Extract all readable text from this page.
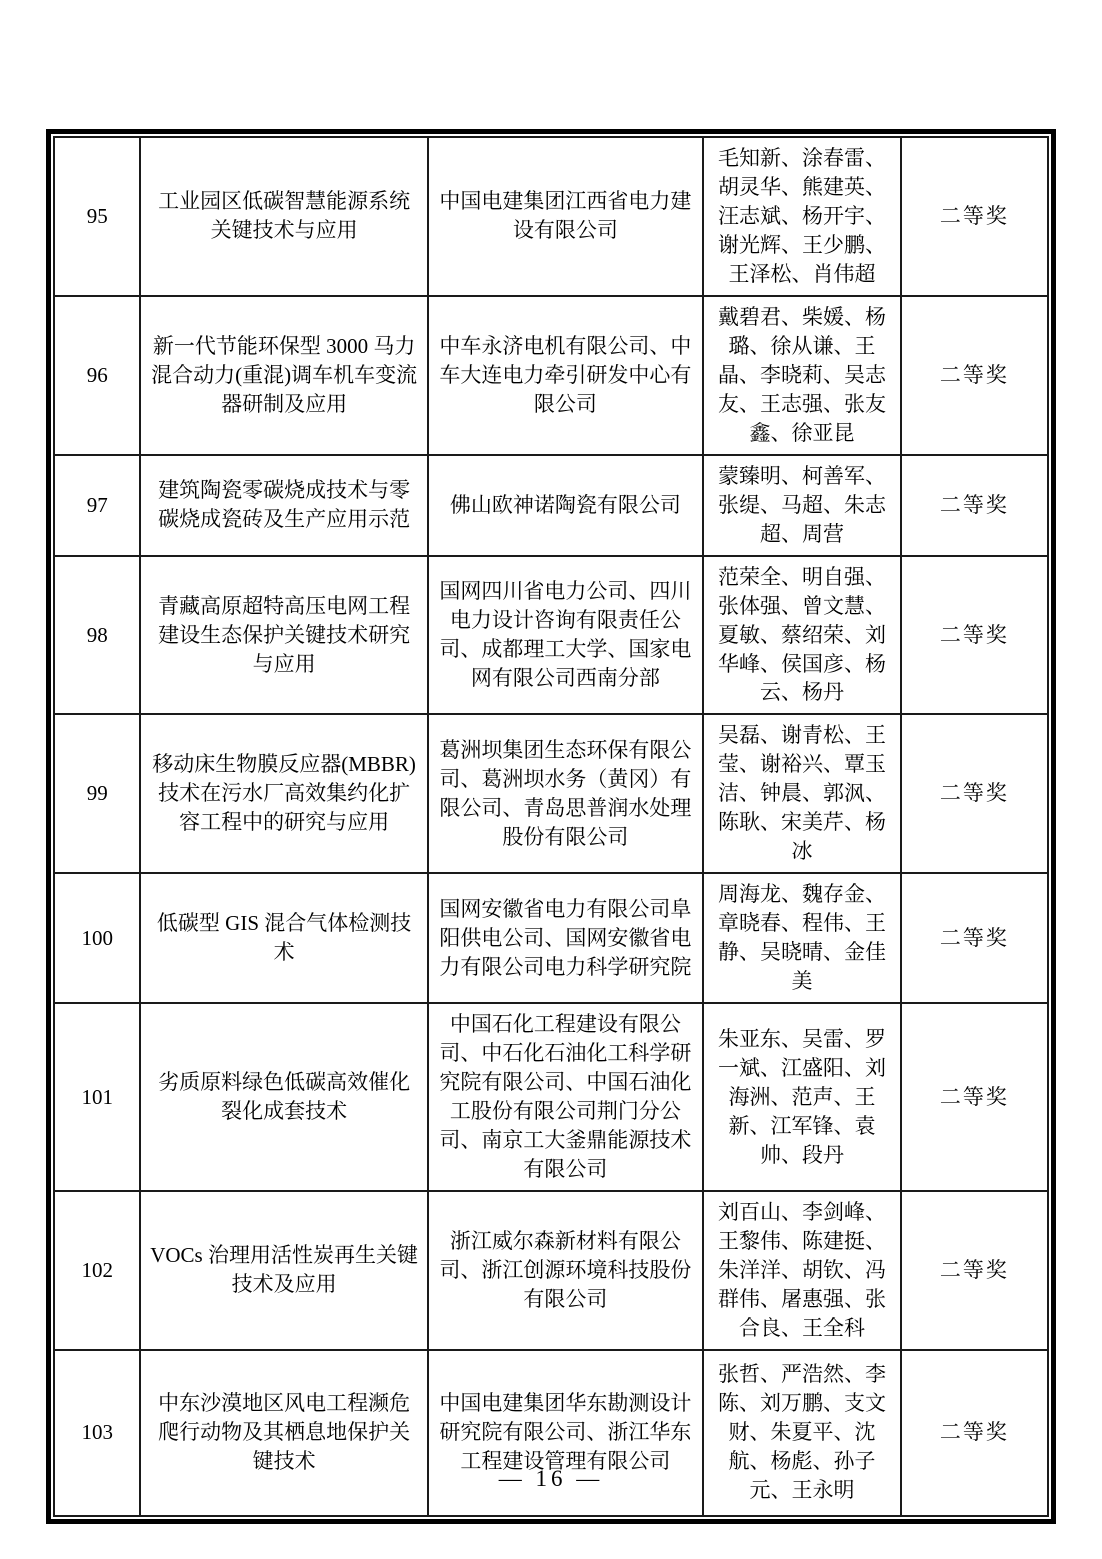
95	工业园区低碳智慧能源系统关键技术与应用	中国电建集团江西省电力建设有限公司	毛知新、涂春雷、胡灵华、熊建英、汪志斌、杨开宇、谢光辉、王少鹏、王泽松、肖伟超	二等奖
96	新一代节能环保型 3000 马力混合动力(重混)调车机车变流器研制及应用	中车永济电机有限公司、中车大连电力牵引研发中心有限公司	戴碧君、柴媛、杨璐、徐从谦、王晶、李晓莉、吴志友、王志强、张友鑫、徐亚昆	二等奖
97	建筑陶瓷零碳烧成技术与零碳烧成瓷砖及生产应用示范	佛山欧神诺陶瓷有限公司	蒙臻明、柯善军、张缇、马超、朱志超、周营	二等奖
98	青藏高原超特高压电网工程建设生态保护关键技术研究与应用	国网四川省电力公司、四川电力设计咨询有限责任公司、成都理工大学、国家电网有限公司西南分部	范荣全、明自强、张体强、曾文慧、夏敏、蔡绍荣、刘华峰、侯国彦、杨云、杨丹	二等奖
99	移动床生物膜反应器(MBBR)技术在污水厂高效集约化扩容工程中的研究与应用	葛洲坝集团生态环保有限公司、葛洲坝水务（黄冈）有限公司、青岛思普润水处理股份有限公司	吴磊、谢青松、王莹、谢裕兴、覃玉洁、钟晨、郭沨、陈耿、宋美芹、杨冰	二等奖
100	低碳型 GIS 混合气体检测技术	国网安徽省电力有限公司阜阳供电公司、国网安徽省电力有限公司电力科学研究院	周海龙、魏存金、章晓春、程伟、王静、吴晓晴、金佳美	二等奖
101	劣质原料绿色低碳高效催化裂化成套技术	中国石化工程建设有限公司、中石化石油化工科学研究院有限公司、中国石油化工股份有限公司荆门分公司、南京工大釜鼎能源技术有限公司	朱亚东、吴雷、罗一斌、江盛阳、刘海洲、范声、王新、江军锋、袁帅、段丹	二等奖
102	VOCs 治理用活性炭再生关键技术及应用	浙江威尔森新材料有限公司、浙江创源环境科技股份有限公司	刘百山、李剑峰、王黎伟、陈建挺、朱洋洋、胡钦、冯群伟、屠惠强、张合良、王全科	二等奖
103	中东沙漠地区风电工程濒危爬行动物及其栖息地保护关键技术	中国电建集团华东勘测设计研究院有限公司、浙江华东工程建设管理有限公司	张哲、严浩然、李陈、刘万鹏、支文财、朱夏平、沈航、杨彪、孙子元、王永明	二等奖
— 16 —
